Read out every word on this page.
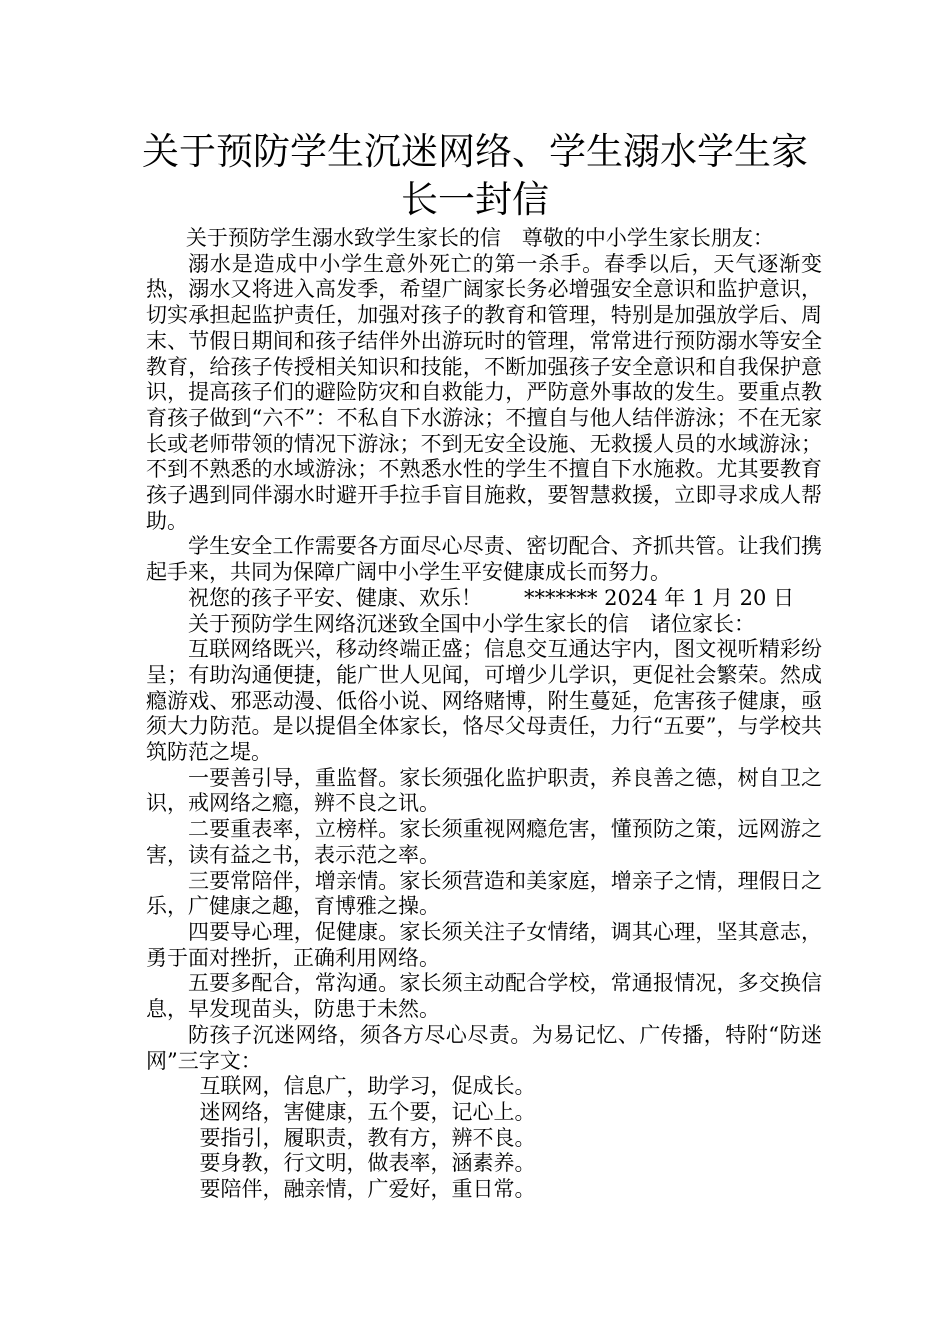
关于预防学生沉迷网络、学生溺水学生家
长一封信

关于预防学生溺水致学生家长的信　尊敬的中小学生家长朋友：

溺水是造成中小学生意外死亡的第一杀手。春季以后，天气逐渐变热，溺水又将进入高发季，希望广阔家长务必增强安全意识和监护意识，切实承担起监护责任，加强对孩子的教育和管理，特别是加强放学后、周末、节假日期间和孩子结伴外出游玩时的管理，常常进行预防溺水等安全教育，给孩子传授相关知识和技能，不断加强孩子安全意识和自我保护意识，提高孩子们的避险防灾和自救能力，严防意外事故的发生。要重点教育孩子做到“六不”：不私自下水游泳；不擅自与他人结伴游泳；不在无家长或老师带领的情况下游泳；不到无安全设施、无救援人员的水域游泳；不到不熟悉的水域游泳；不熟悉水性的学生不擅自下水施救。尤其要教育孩子遇到同伴溺水时避开手拉手盲目施救，要智慧救援，立即寻求成人帮助。

学生安全工作需要各方面尽心尽责、密切配合、齐抓共管。让我们携起手来，共同为保障广阔中小学生平安健康成长而努力。

祝您的孩子平安、健康、欢乐！　　******* 2024 年 1 月 20 日

关于预防学生网络沉迷致全国中小学生家长的信　诸位家长：

互联网络既兴，移动终端正盛；信息交互通达宇内，图文视听精彩纷呈；有助沟通便捷，能广世人见闻，可增少儿学识，更促社会繁荣。然成瘾游戏、邪恶动漫、低俗小说、网络赌博，附生蔓延，危害孩子健康，亟须大力防范。是以提倡全体家长，恪尽父母责任，力行“五要”，与学校共筑防范之堤。

一要善引导，重监督。家长须强化监护职责，养良善之德，树自卫之识，戒网络之瘾，辨不良之讯。

二要重表率，立榜样。家长须重视网瘾危害，懂预防之策，远网游之害，读有益之书，表示范之率。

三要常陪伴，增亲情。家长须营造和美家庭，增亲子之情，理假日之乐，广健康之趣，育博雅之操。

四要导心理，促健康。家长须关注子女情绪，调其心理，坚其意志，勇于面对挫折，正确利用网络。

五要多配合，常沟通。家长须主动配合学校，常通报情况，多交换信息，早发现苗头，防患于未然。

防孩子沉迷网络，须各方尽心尽责。为易记忆、广传播，特附“防迷网”三字文：

互联网，信息广，助学习，促成长。

迷网络，害健康，五个要，记心上。

要指引，履职责，教有方，辨不良。

要身教，行文明，做表率，涵素养。

要陪伴，融亲情，广爱好，重日常。
